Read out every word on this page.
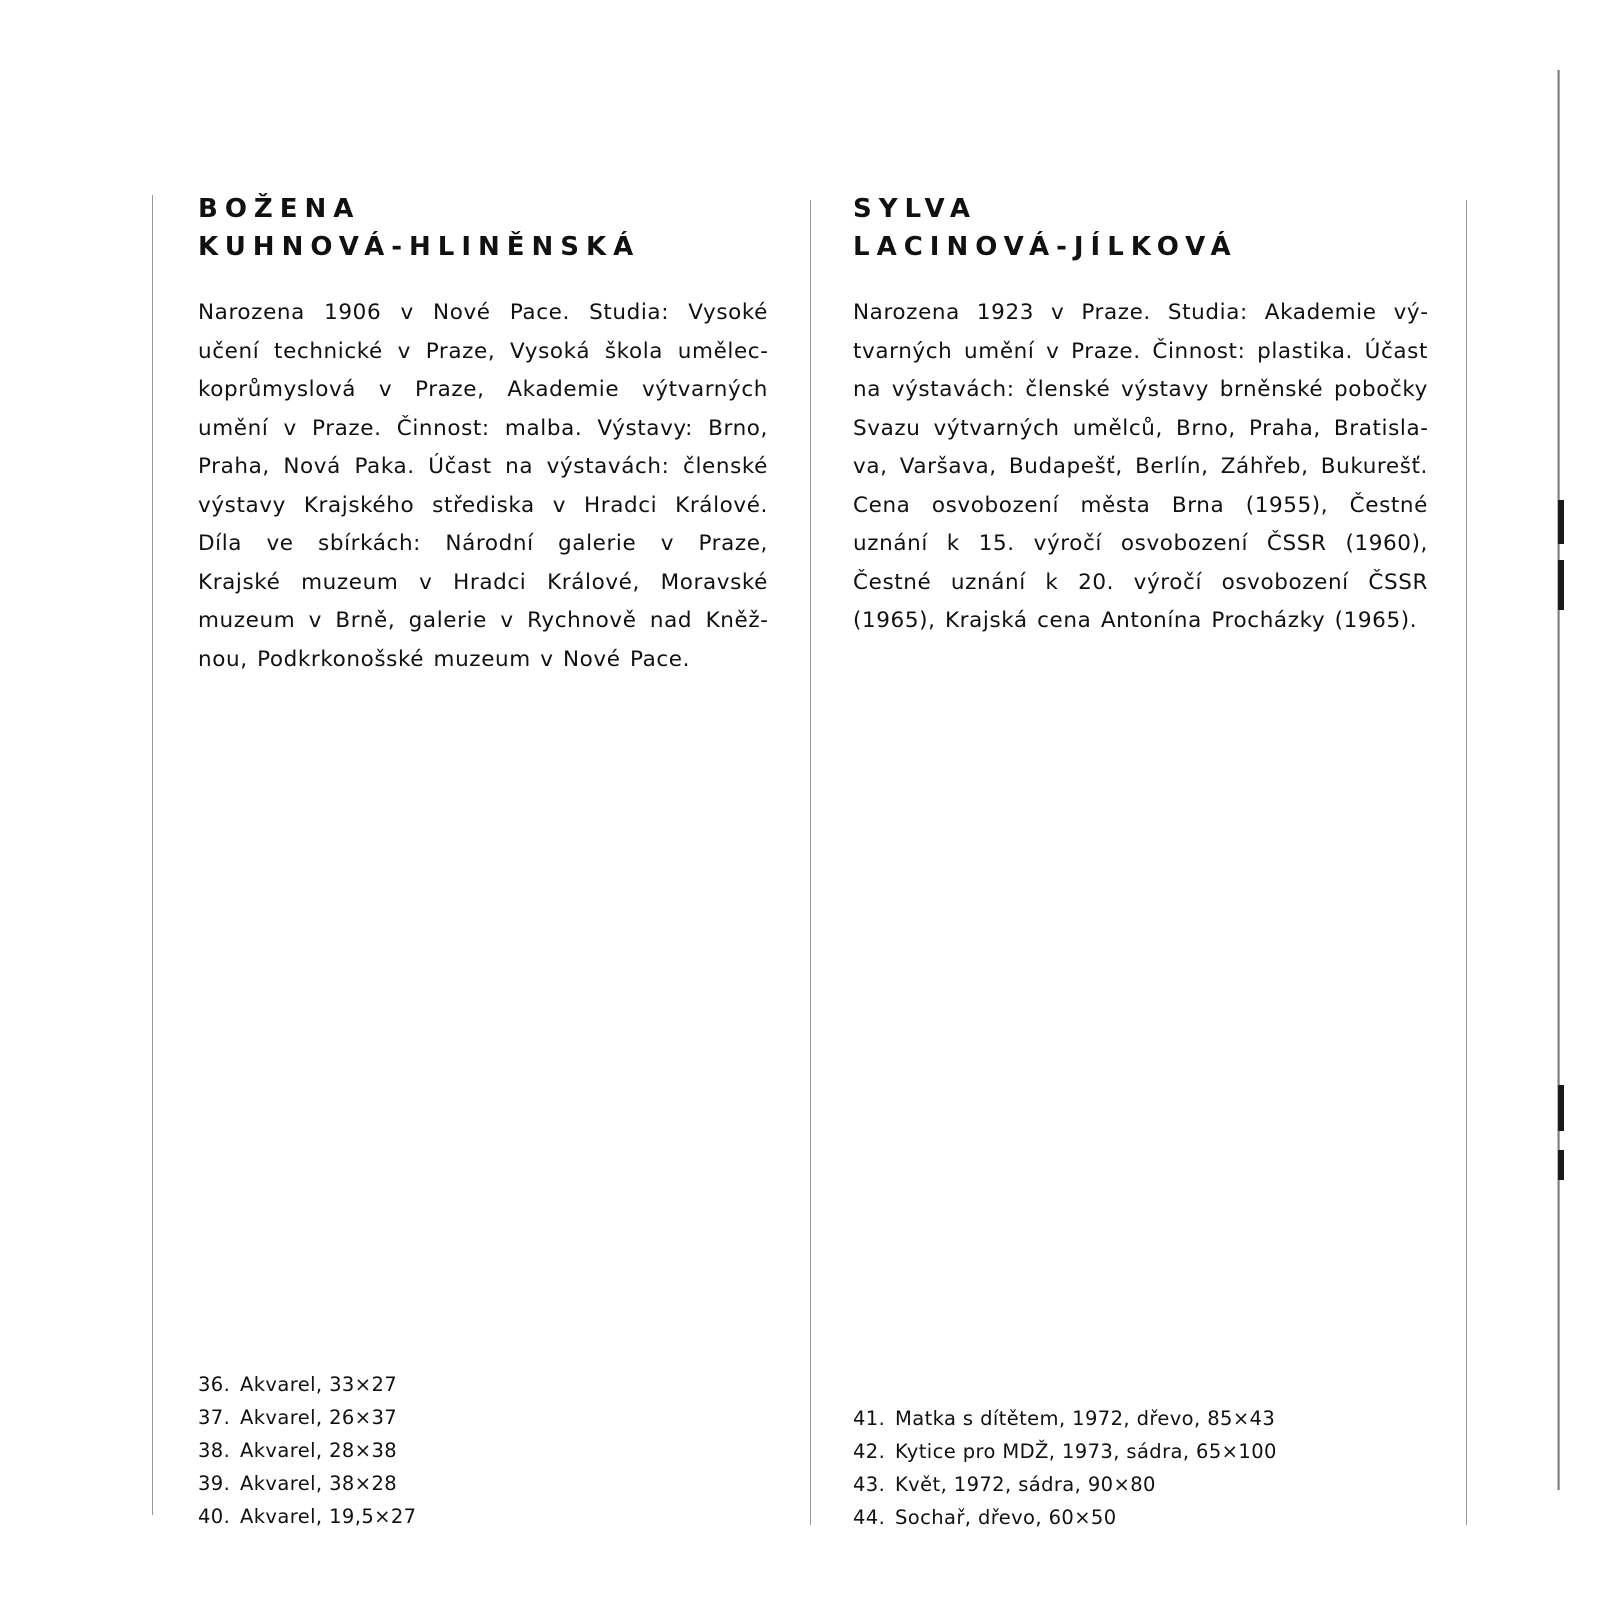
BOŽENA
KUHNOVÁ-HLINĚNSKÁ

Narozena 1906 v Nové Pace. Studia: Vysoké učení technické v Praze, Vysoká škola uměleckoprůmyslová v Praze, Akademie výtvarných umění v Praze. Činnost: malba. Výstavy: Brno, Praha, Nová Paka. Účast na výstavách: členské výstavy Krajského střediska v Hradci Králové. Díla ve sbírkách: Národní galerie v Praze, Krajské muzeum v Hradci Králové, Moravské muzeum v Brně, galerie v Rychnově nad Kněžnou, Podkrkonošské muzeum v Nové Pace.

36. Akvarel, 33×27
37. Akvarel, 26×37
38. Akvarel, 28×38
39. Akvarel, 38×28
40. Akvarel, 19,5×27
SYLVA
LACINOVÁ-JÍLKOVÁ

Narozena 1923 v Praze. Studia: Akademie výtvarných umění v Praze. Činnost: plastika. Účast na výstavách: členské výstavy brněnské pobočky Svazu výtvarných umělců, Brno, Praha, Bratislava, Varšava, Budapešť, Berlín, Záhřeb, Bukurešť. Cena osvobození města Brna (1955), Čestné uznání k 15. výročí osvobození ČSSR (1960), Čestné uznání k 20. výročí osvobození ČSSR (1965), Krajská cena Antonína Procházky (1965).

41. Matka s dítětem, 1972, dřevo, 85×43
42. Kytice pro MDŽ, 1973, sádra, 65×100
43. Květ, 1972, sádra, 90×80
44. Sochař, dřevo, 60×50
